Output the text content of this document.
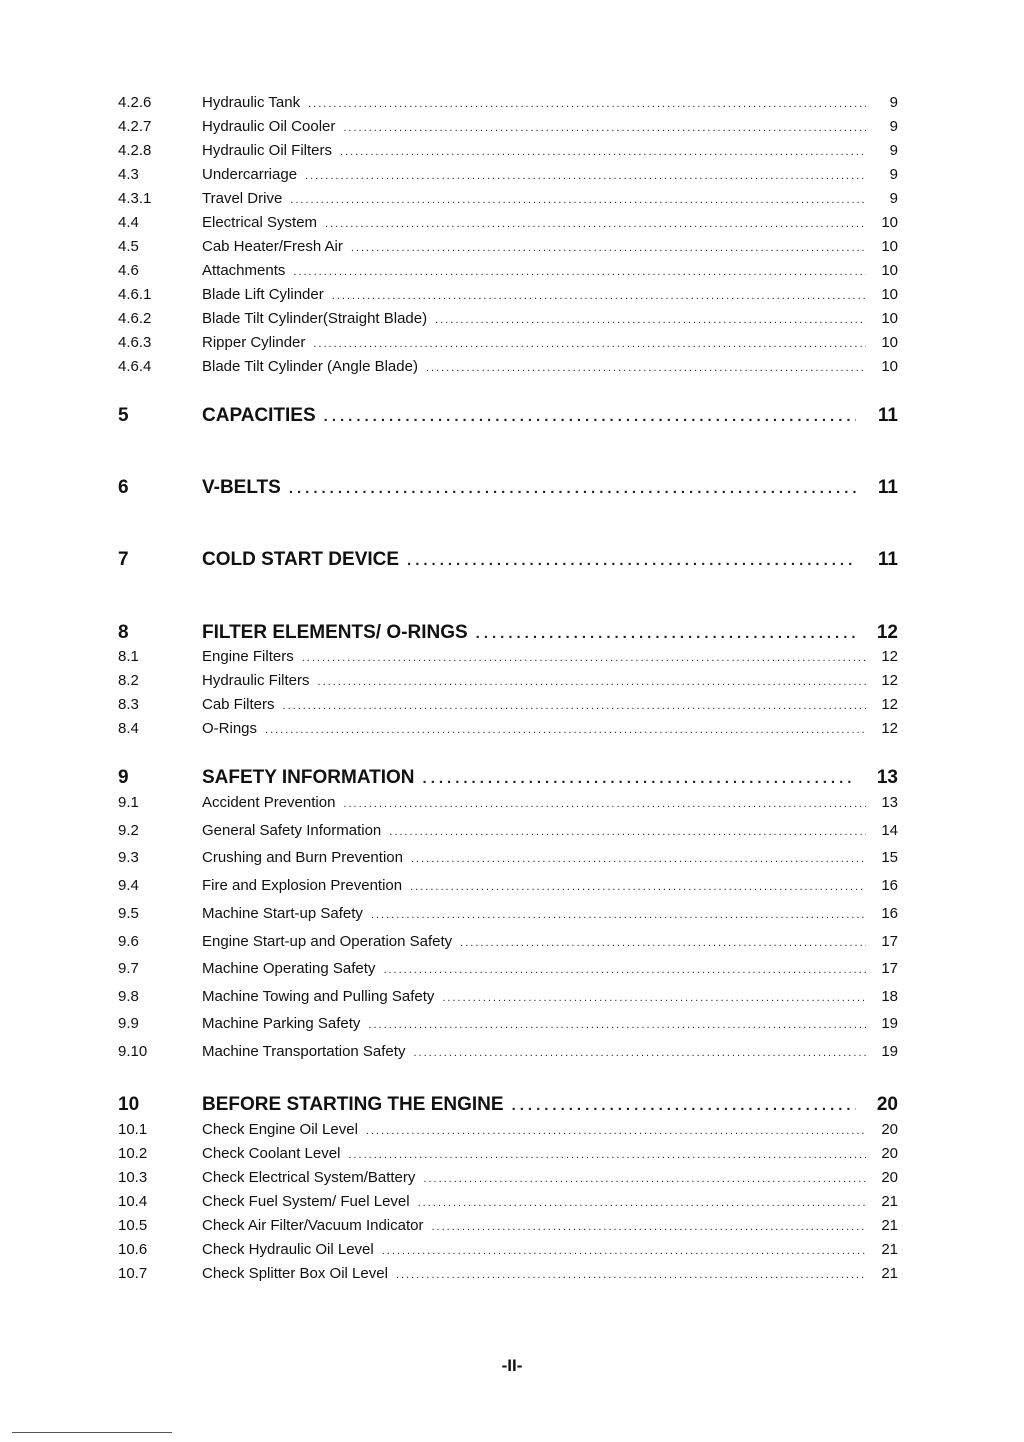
4.2.6	Hydraulic Tank .....	9
4.2.7	Hydraulic Oil Cooler .....	9
4.2.8	Hydraulic Oil Filters .....	9
4.3	Undercarriage .....	9
4.3.1	Travel Drive .....	9
4.4	Electrical System .....	10
4.5	Cab Heater/Fresh Air .....	10
4.6	Attachments .....	10
4.6.1	Blade Lift Cylinder .....	10
4.6.2	Blade Tilt Cylinder(Straight Blade) .....	10
4.6.3	Ripper Cylinder .....	10
4.6.4	Blade Tilt Cylinder (Angle Blade) .....	10
5	CAPACITIES .....	11
6	V-BELTS .....	11
7	COLD START DEVICE .....	11
8	FILTER ELEMENTS/ O-RINGS .....	12
8.1	Engine Filters .....	12
8.2	Hydraulic Filters .....	12
8.3	Cab Filters .....	12
8.4	O-Rings .....	12
9	SAFETY INFORMATION .....	13
9.1	Accident Prevention .....	13
9.2	General Safety Information .....	14
9.3	Crushing and Burn Prevention .....	15
9.4	Fire and Explosion Prevention .....	16
9.5	Machine Start-up Safety .....	16
9.6	Engine Start-up and Operation Safety .....	17
9.7	Machine Operating Safety .....	17
9.8	Machine Towing and Pulling Safety .....	18
9.9	Machine Parking Safety .....	19
9.10	Machine Transportation Safety .....	19
10	BEFORE STARTING THE ENGINE .....	20
10.1	Check Engine Oil Level .....	20
10.2	Check Coolant Level .....	20
10.3	Check Electrical System/Battery .....	20
10.4	Check Fuel System/ Fuel Level .....	21
10.5	Check Air Filter/Vacuum Indicator .....	21
10.6	Check Hydraulic Oil Level .....	21
10.7	Check Splitter Box Oil Level .....	21
-II-
